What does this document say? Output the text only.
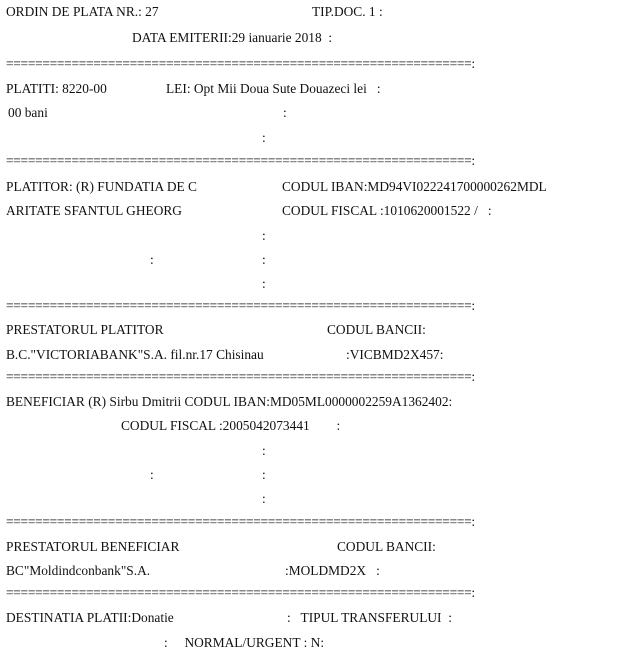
ORDIN DE PLATA NR.: 27	TIP.DOC. 1 :
DATA EMITERII:29 ianuarie 2018  :
================================================================:
PLATITI: 8220-00	LEI: Opt Mii Doua Sute Douazeci lei   :
00 bani	:
:
================================================================:
PLATITOR: (R) FUNDATIA DE C	CODUL IBAN:MD94VI022241700000262MDL
ARITATE SFANTUL GHEORG	CODUL FISCAL :1010620001522 /   :
:
:	:
:
================================================================:
PRESTATORUL PLATITOR	CODUL BANCII:
B.C."VICTORIABANK"S.A. fil.nr.17 Chisinau	:VICBMD2X457:
================================================================:
BENEFICIAR (R) Sirbu Dmitrii CODUL IBAN:MD05ML0000002259A1362402:
CODUL FISCAL :2005042073441        :
:
:	:
:
================================================================:
PRESTATORUL BENEFICIAR	CODUL BANCII:
BC"Moldindconbank"S.A.	:MOLDMD2X   :
================================================================:
DESTINATIA PLATII:Donatie	:   TIPUL TRANSFERULUI  :
:     NORMAL/URGENT : N:
